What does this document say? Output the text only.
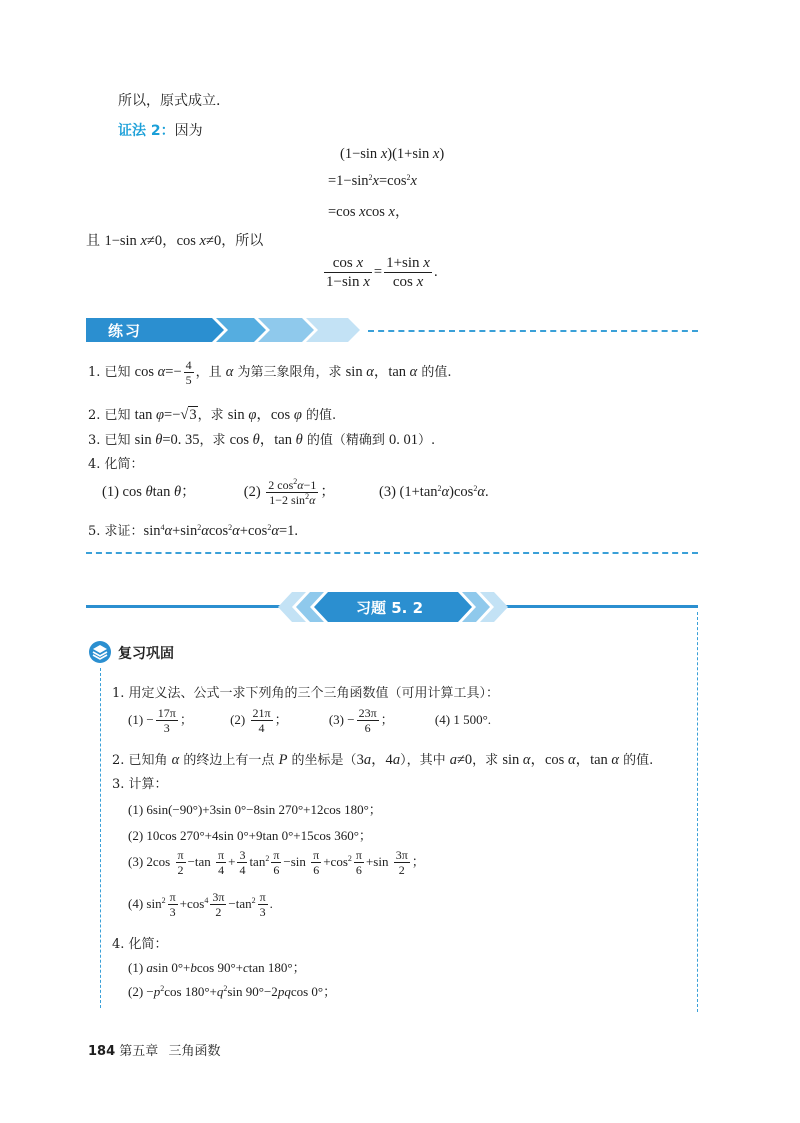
所以，原式成立.
证法 2：因为
(1−sin x)(1+sin x)
$=1-\sin^2x=\cos^2x$
=cos xcos x，
且 1−sin x≠0，cos x≠0，所以
$\frac{\text{cos x}}{\text{1−sin x}} = \frac{\text{1+sin x}}{\text{cos x}}$ .
练习
1. 已知 $\cos \alpha=- \frac{4}{5}$ ，且 α 为第三象限角，求 sin α，tan α 的值.
2. 已知 tan φ=−√3，求 sin φ，cos φ 的值.
3. 已知 sin θ=0. 35，求 cos θ，tan θ 的值（精确到 0. 01）.
4. 化简：
(1) cos θtan θ；	$(2) \frac{2 \cos^2\alpha-1}{1-2 \sin^2\alpha}$ ；	(3) $(1+\tan^2\alpha)\cos^2\alpha$.
5. 求证：$\sin^4\alpha+\sin^2\alpha\cos^2\alpha+\cos^2\alpha=1$.
习题 5. 2
复习巩固
1. 用定义法、公式一求下列角的三个三角函数值（可用计算工具）：
$(1) - \frac{17\pi}{3}$ ；	$(2) \frac{21\pi}{4}$ ；	$(3) - \frac{23\pi}{6}$ ；	(4) 1 500°.
2. 已知角 α 的终边上有一点 P 的坐标是（3a，4a），其中 a≠0，求 sin α，cos α，tan α 的值.
3. 计算：
(1) 6sin(−90°)+3sin 0°−8sin 270°+12cos 180°；
(2) 10cos 270°+4sin 0°+9tan 0°+15cos 360°；
(3) $2\cos \frac{\pi}{2} -\tan \frac{\pi}{4} + \frac{3}{4} \tan^2 \frac{\pi}{6} -\sin \frac{\pi}{6} +\cos^2 \frac{\pi}{6} +\sin \frac{3\pi}{2}$ ；
(4) $\sin^2 \frac{\pi}{3} +\cos^4 \frac{3\pi}{2} -\tan^2 \frac{\pi}{3}$ .
4. 化简：
(1) asin 0°+bcos 90°+ctan 180°；
$(2) -p^2\cos$ $180^\circ+q^2\sin$ 90°−2pqcos 0°；
184 第五章 三角函数
